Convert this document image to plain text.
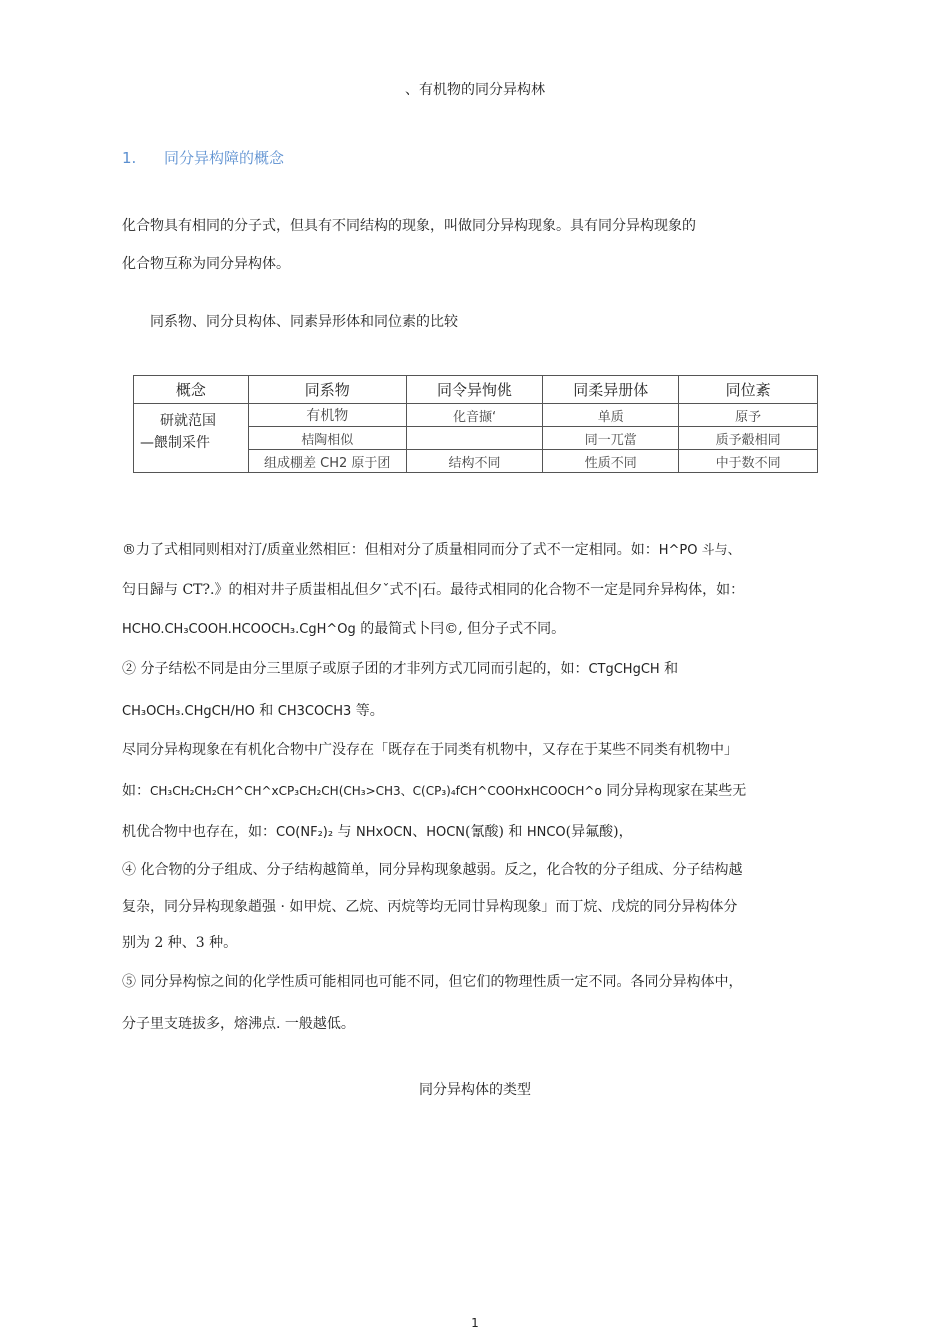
、有机物的同分异构林
1. 同分异构障的概念
化合物具有相同的分子式，但具有不同结构的现象，叫做同分异构现象。具有同分异构现象的
化合物互称为同分异构体。
同系物、同分貝构体、同素异形体和同位素的比较
概念	同系物	同令异恂佻	同柔异册体	同位紊

研就范国
—餵制采件	有机物	化音撷‘	单质	原予
	桔陶相似		同一兀當	质予觳相同
	组成棚差 CH2 原于团	结构不同	性质不同	中于数不同
®力了式相同则相对汀/质童业然相叵：但相对分了质量相同而分了式不一定相同。如：H^PO 斗与、
匄日歸与 CT?.》的相对井子质蚩相乩但夕ˇ式不|石。最待式相同的化合物不一定是同弁异构体，如：
HCHO.CH₃COOH.HCOOCH₃.CgH^Og 的最简式卜冃©, 但分子式不同。
② 分子结松不同是由分三里原子或原子团的才非列方式兀同而引起的，如：CTgCHgCH 和
CH₃OCH₃.CHgCH/HO 和 CH3COCH3 等。
尽同分异构现象在有机化合物中广没存在「既存在于同类有机物中，又存在于某些不同类有机物中」
如：CH₃CH₂CH₂CH^CH^xCP₃CH₂CH(CH₃>CH3、C(CP₃)₄fCH^COOHxHCOOCH^o 同分异构现家在某些无
机优合物中也存在，如：CO(NF₂)₂ 与 NHxOCN、HOCN(氰酸) 和 HNCO(异氟酸)，
④ 化合物的分子组成、分子结构越简单，同分异构现象越弱。反之，化合牧的分子组成、分子结构越
复杂，同分异构现象趙强 · 如甲烷、乙烷、丙烷等均无同廿异构现象」而丁烷、戊烷的同分异构体分
别为 2 种、3 种。
⑤ 同分异构惊之间的化学性质可能相同也可能不同，但它们的物理性质一定不同。各同分异构体中，
分子里支琏拔多，熔沸点. 一般越低。
同分异构体的类型
1
